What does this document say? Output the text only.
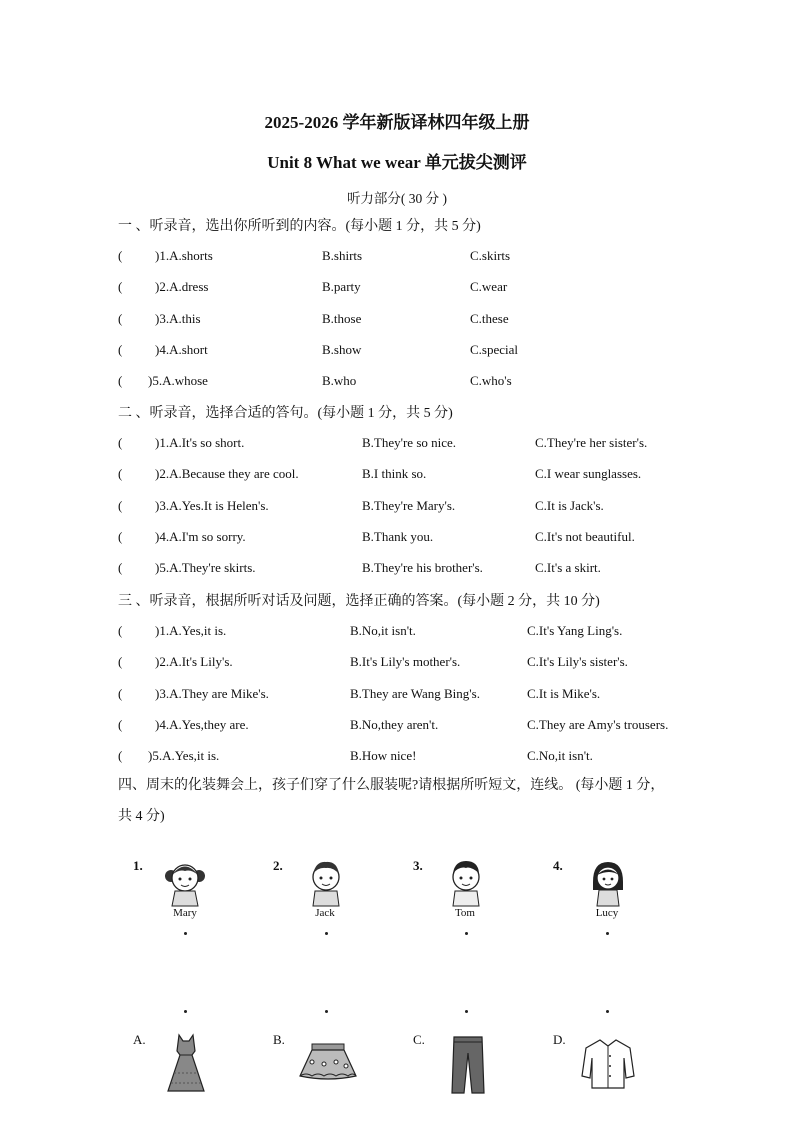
2025-2026 学年新版译林四年级上册
Unit 8 What we wear 单元拔尖测评
听力部分( 30 分 )
一 、听录音，选出你所听到的内容。(每小题 1 分，共 5 分)
(	)1.A.shorts	B.shirts	C.skirts
(	)2.A.dress	B.party	C.wear
(	)3.A.this	B.those	C.these
(	)4.A.short	B.show	C.special
( )5.A.whose	B.who	C.who's
二 、听录音，选择合适的答句。(每小题 1 分，共 5 分)
(	)1.A.It's so short.	B.They're so nice.	C.They're her sister's.
(	)2.A.Because they are cool.	B.I think so.	C.I wear sunglasses.
(	)3.A.Yes.It is Helen's.	B.They're Mary's.	C.It is Jack's.
(	)4.A.I'm so sorry.	B.Thank you.	C.It's not beautiful.
(	)5.A.They're skirts.	B.They're his brother's.	C.It's a skirt.
三 、听录音，根据所听对话及问题，选择正确的答案。(每小题 2 分，共 10 分)
(	)1.A.Yes,it is.	B.No,it isn't.	C.It's Yang Ling's.
(	)2.A.It's Lily's.	B.It's Lily's mother's.	C.It's Lily's sister's.
(	)3.A.They are Mike's.	B.They are Wang Bing's.	C.It is Mike's.
(	)4.A.Yes,they are.	B.No,they aren't.	C.They are Amy's trousers.
( )5.A.Yes,it is.	B.How nice!	C.No,it isn't.
四、周末的化装舞会上，孩子们穿了什么服装呢?请根据所听短文，连线。 (每小题 1 分，共 4 分)
1.	2.	3.	4.
Mary	Jack	Tom	Lucy
A.	B.	C.	D.
